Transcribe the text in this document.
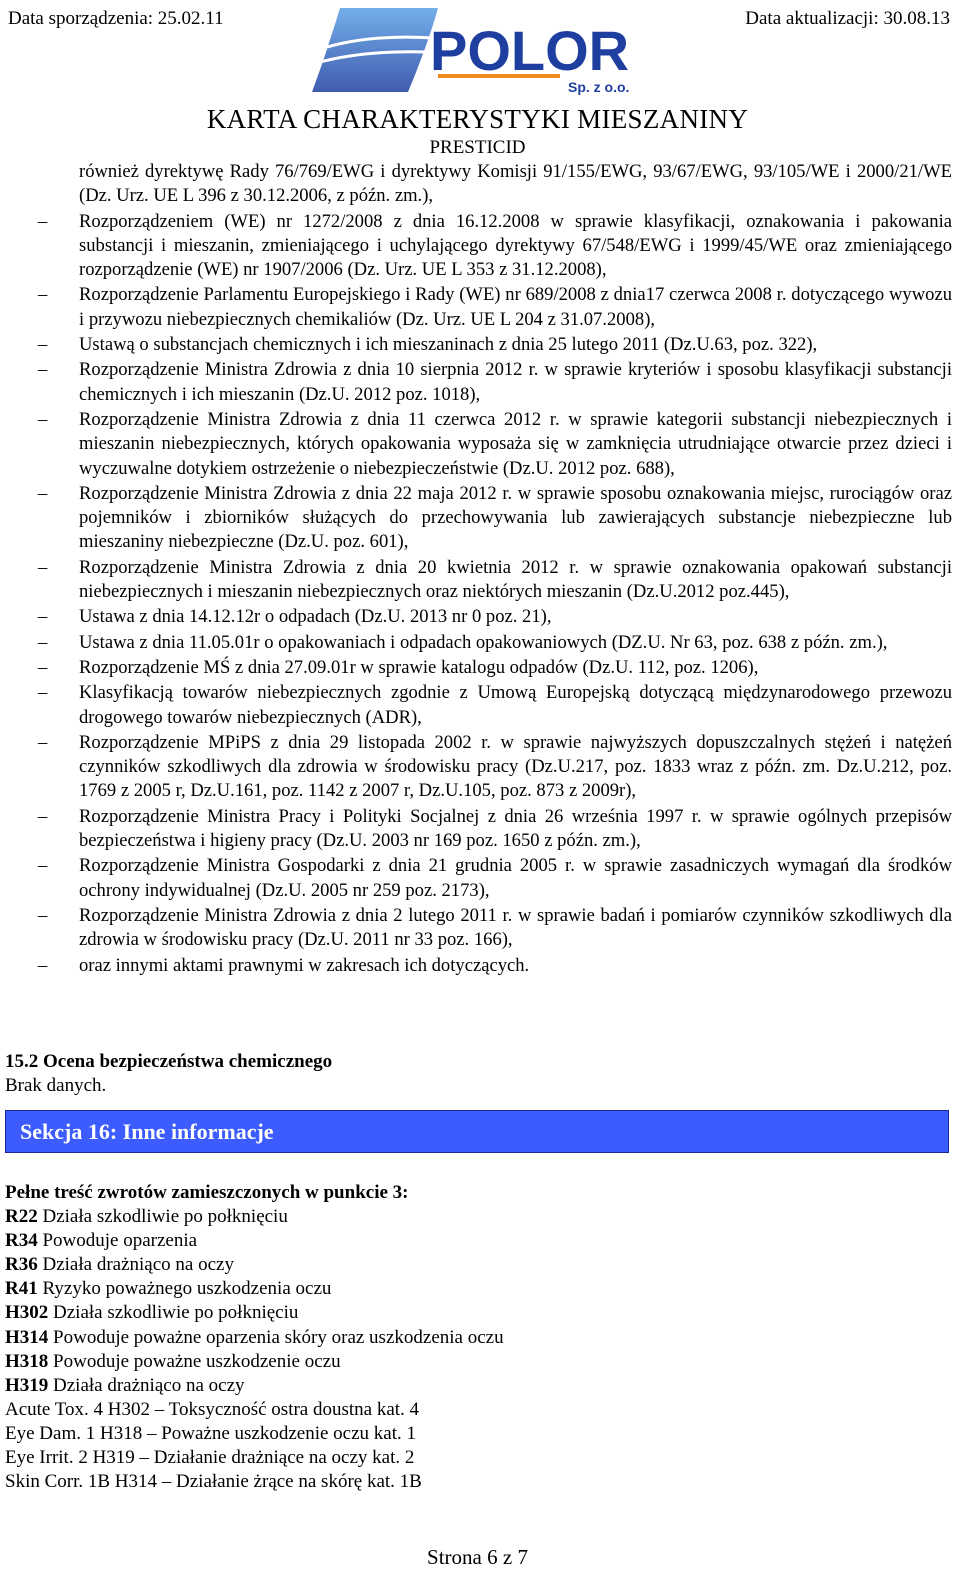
Data sporządzenia: 25.02.11	Data aktualizacji: 30.08.13
POLOR
Sp. z o.o.
KARTA CHARAKTERYSTYKI MIESZANINY
PRESTICID
również dyrektywę Rady 76/769/EWG i dyrektywy Komisji 91/155/EWG, 93/67/EWG, 93/105/WE i 2000/21/WE (Dz. Urz. UE L 396 z 30.12.2006, z późn. zm.),
– Rozporządzeniem (WE) nr 1272/2008 z dnia 16.12.2008 w sprawie klasyfikacji, oznakowania i pakowania substancji i mieszanin, zmieniającego i uchylającego dyrektywy 67/548/EWG i 1999/45/WE oraz zmieniającego rozporządzenie (WE) nr 1907/2006 (Dz. Urz. UE L 353 z 31.12.2008),
– Rozporządzenie Parlamentu Europejskiego i Rady (WE) nr 689/2008 z dnia17 czerwca 2008 r. dotyczącego wywozu i przywozu niebezpiecznych chemikaliów (Dz. Urz. UE L 204 z 31.07.2008),
– Ustawą o substancjach chemicznych i ich mieszaninach z dnia 25 lutego 2011 (Dz.U.63, poz. 322),
– Rozporządzenie Ministra Zdrowia z dnia 10 sierpnia 2012 r. w sprawie kryteriów i sposobu klasyfikacji substancji chemicznych i ich mieszanin (Dz.U. 2012 poz. 1018),
– Rozporządzenie Ministra Zdrowia z dnia 11 czerwca 2012 r. w sprawie kategorii substancji niebezpiecznych i mieszanin niebezpiecznych, których opakowania wyposaża się w zamknięcia utrudniające otwarcie przez dzieci i wyczuwalne dotykiem ostrzeżenie o niebezpieczeństwie (Dz.U. 2012 poz. 688),
– Rozporządzenie Ministra Zdrowia z dnia 22 maja 2012 r. w sprawie sposobu oznakowania miejsc, rurociągów oraz pojemników i zbiorników służących do przechowywania lub zawierających substancje niebezpieczne lub mieszaniny niebezpieczne (Dz.U. poz. 601),
– Rozporządzenie Ministra Zdrowia z dnia 20 kwietnia 2012 r. w sprawie oznakowania opakowań substancji niebezpiecznych i mieszanin niebezpiecznych oraz niektórych mieszanin (Dz.U.2012 poz.445),
– Ustawa z dnia 14.12.12r o odpadach (Dz.U. 2013 nr 0 poz. 21),
– Ustawa z dnia 11.05.01r o opakowaniach i odpadach opakowaniowych (DZ.U. Nr 63, poz. 638 z późn. zm.),
– Rozporządzenie MŚ z dnia 27.09.01r w sprawie katalogu odpadów (Dz.U. 112, poz. 1206),
– Klasyfikacją towarów niebezpiecznych zgodnie z Umową Europejską dotyczącą międzynarodowego przewozu drogowego towarów niebezpiecznych (ADR),
– Rozporządzenie MPiPS z dnia 29 listopada 2002 r. w sprawie najwyższych dopuszczalnych stężeń i natężeń czynników szkodliwych dla zdrowia w środowisku pracy (Dz.U.217, poz. 1833 wraz z późn. zm. Dz.U.212, poz. 1769 z 2005 r, Dz.U.161, poz. 1142 z 2007 r, Dz.U.105, poz. 873 z 2009r),
– Rozporządzenie Ministra Pracy i Polityki Socjalnej z dnia 26 września 1997 r. w sprawie ogólnych przepisów bezpieczeństwa i higieny pracy (Dz.U. 2003 nr 169 poz. 1650 z późn. zm.),
– Rozporządzenie Ministra Gospodarki z dnia 21 grudnia 2005 r. w sprawie zasadniczych wymagań dla środków ochrony indywidualnej (Dz.U. 2005 nr 259 poz. 2173),
– Rozporządzenie Ministra Zdrowia z dnia 2 lutego 2011 r. w sprawie badań i pomiarów czynników szkodliwych dla zdrowia w środowisku pracy (Dz.U. 2011 nr 33 poz. 166),
– oraz innymi aktami prawnymi w zakresach ich dotyczących.
15.2 Ocena bezpieczeństwa chemicznego
Brak danych.
Sekcja 16: Inne informacje
Pełne treść zwrotów zamieszczonych w punkcie 3:
R22 Działa szkodliwie po połknięciu
R34 Powoduje oparzenia
R36 Działa drażniąco na oczy
R41 Ryzyko poważnego uszkodzenia oczu
H302 Działa szkodliwie po połknięciu
H314 Powoduje poważne oparzenia skóry oraz uszkodzenia oczu
H318 Powoduje poważne uszkodzenie oczu
H319 Działa drażniąco na oczy
Acute Tox. 4 H302 – Toksyczność ostra doustna kat. 4
Eye Dam. 1 H318 – Poważne uszkodzenie oczu kat. 1
Eye Irrit. 2 H319 – Działanie drażniące na oczy kat. 2
Skin Corr. 1B H314 – Działanie żrące na skórę kat. 1B
Strona 6 z 7
